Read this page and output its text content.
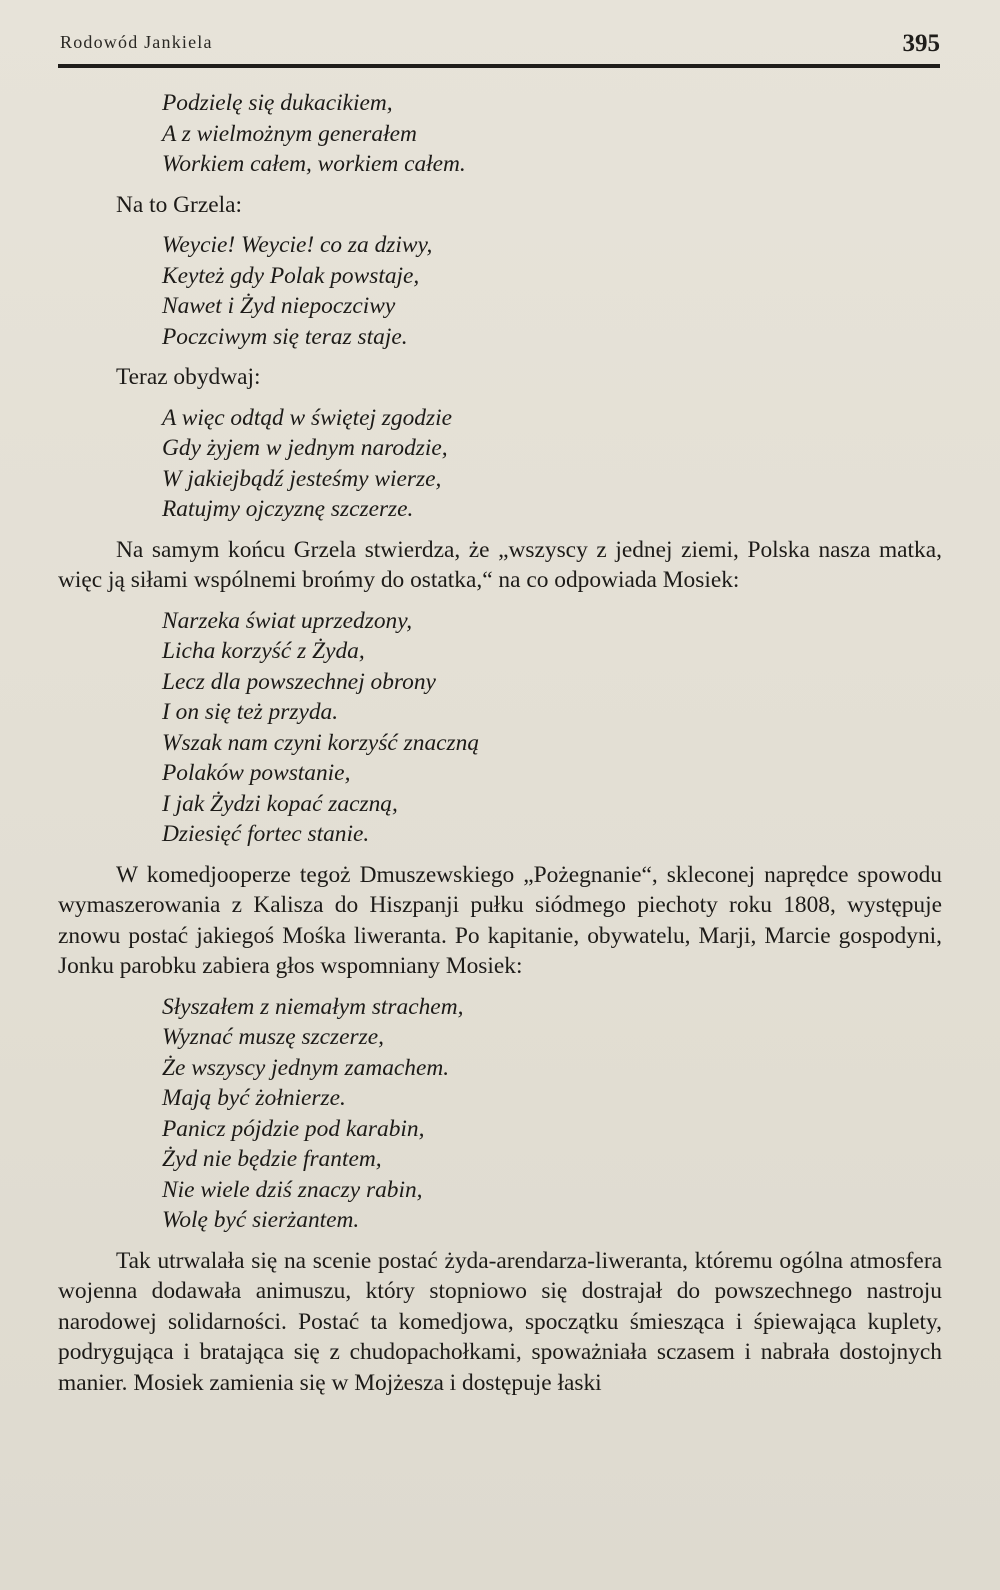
Rodowód Jankiela	395
Podzielę się dukacikiem,
A z wielmożnym generałem
Workiem całem, workiem całem.

Na to Grzela:

Weycie! Weycie! co za dziwy,
Keyteż gdy Polak powstaje,
Nawet i Żyd niepoczciwy
Poczciwym się teraz staje.

Teraz obydwaj:

A więc odtąd w świętej zgodzie
Gdy żyjem w jednym narodzie,
W jakiejbądź jesteśmy wierze,
Ratujmy ojczyznę szczerze.

Na samym końcu Grzela stwierdza, że „wszyscy z jednej ziemi, Polska nasza matka, więc ją siłami wspólnemi brońmy do ostatka,“ na co odpowiada Mosiek:

Narzeka świat uprzedzony,
Licha korzyść z Żyda,
Lecz dla powszechnej obrony
I on się też przyda.
Wszak nam czyni korzyść znaczną
Polaków powstanie,
I jak Żydzi kopać zaczną,
Dziesięć fortec stanie.

W komedjooperze tegoż Dmuszewskiego „Pożegnanie“, skleconej naprędce spowodu wymaszerowania z Kalisza do Hiszpanji pułku siódmego piechoty roku 1808, występuje znowu postać jakiegoś Mośka liweranta. Po kapitanie, obywatelu, Marji, Marcie gospodyni, Jonku parobku zabiera głos wspomniany Mosiek:

Słyszałem z niemałym strachem,
Wyznać muszę szczerze,
Że wszyscy jednym zamachem.
Mają być żołnierze.
Panicz pójdzie pod karabin,
Żyd nie będzie frantem,
Nie wiele dziś znaczy rabin,
Wolę być sierżantem.

Tak utrwalała się na scenie postać żyda-arendarza-liweranta, któremu ogólna atmosfera wojenna dodawała animuszu, który stopniowo się dostrajał do powszechnego nastroju narodowej solidarności. Postać ta komedjowa, spoczątku śmiesząca i śpiewająca kuplety, podrygująca i bratająca się z chudopachołkami, spoważniała sczasem i nabrała dostojnych manier. Mosiek zamienia się w Mojżesza i dostępuje łaski
